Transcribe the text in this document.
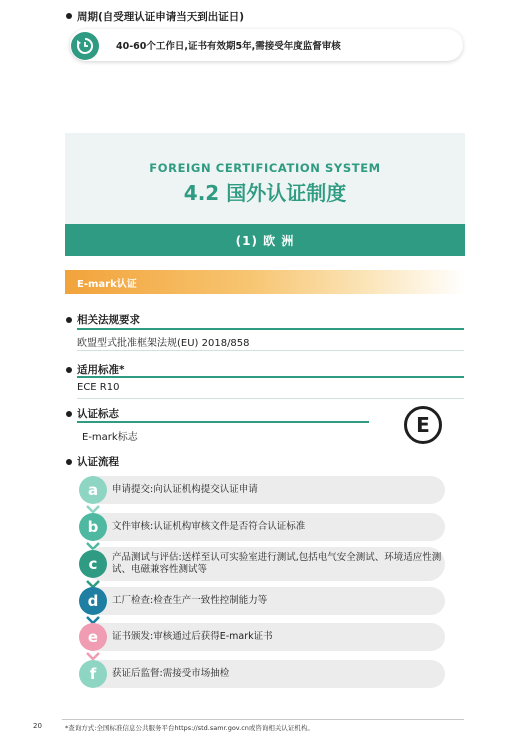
周期(自受理认证申请当天到出证日)
40-60个工作日,证书有效期5年,需接受年度监督审核
FOREIGN CERTIFICATION SYSTEM
4.2 国外认证制度
(1) 欧 洲
E-mark认证
相关法规要求
欧盟型式批准框架法规(EU) 2018/858
适用标准*
ECE R10
认证标志
E-mark标志
E
认证流程
a	申请提交:向认证机构提交认证申请
b	文件审核:认证机构审核文件是否符合认证标准
c	产品测试与评估:送样至认可实验室进行测试,包括电气安全测试、环境适应性测试、电磁兼容性测试等
d	工厂检查:检查生产一致性控制能力等
e	证书颁发:审核通过后获得E-mark证书
f	获证后监督:需接受市场抽检
20	*查询方式:全国标准信息公共服务平台https://std.samr.gov.cn或咨询相关认证机构。
